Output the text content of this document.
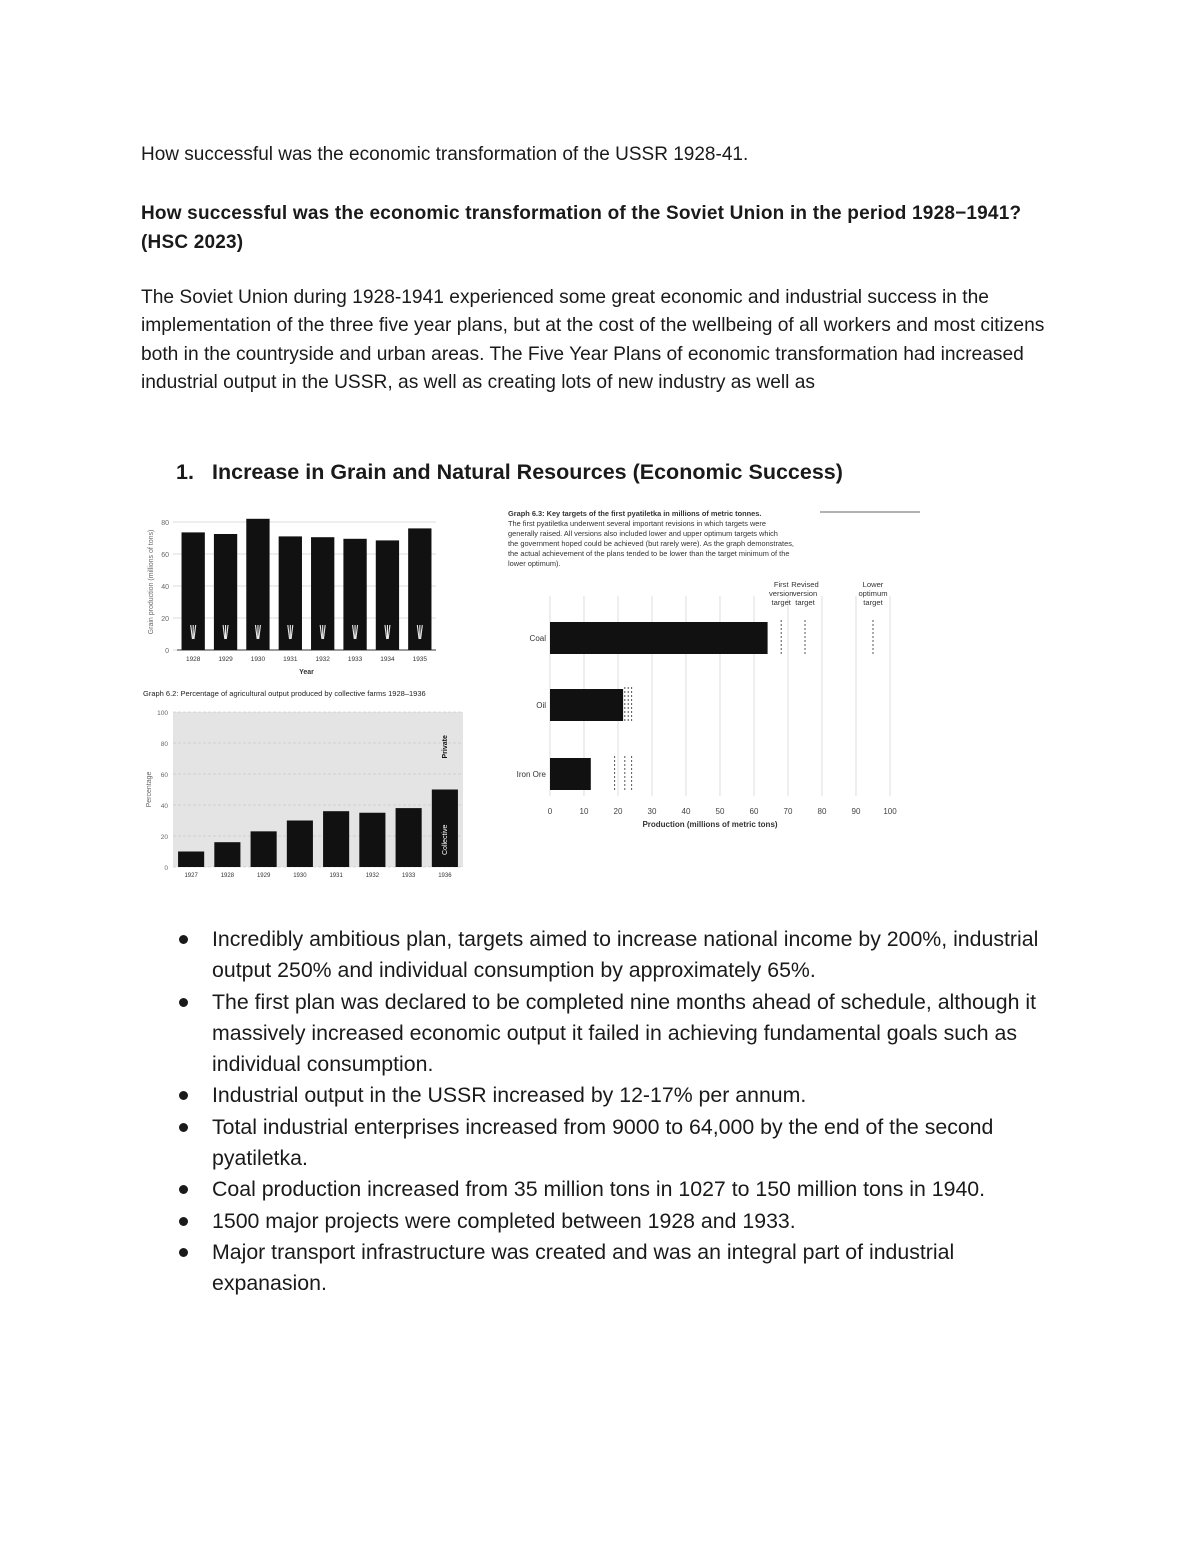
How successful was the economic transformation of the USSR 1928-41.
How successful was the economic transformation of the Soviet Union in the period 1928−1941? (HSC 2023)
The Soviet Union during 1928-1941 experienced some great economic and industrial success in the implementation of the three five year plans, but at the cost of the wellbeing of all workers and most citizens both in the countryside and urban areas. The Five Year Plans of economic transformation had increased industrial output in the USSR, as well as creating lots of new industry as well as
1. Increase in Grain and Natural Resources (Economic Success)
0
20
40
60
80
Grain production (millions of tons)
1928	1929	1930	1931	1932	1933	1934	1935
Year
Graph 6.2: Percentage of agricultural output produced by collective farms 1928–1936
0
20
40
60
80
100
Percentage
1927	1928	1929	1930	1931	1932	1933	1936
Collective
Private
Graph 6.3: Key targets of the first pyatiletka in millions of metric tonnes.
The first pyatiletka underwent several important revisions in which targets were
generally raised. All versions also included lower and upper optimum targets which
the government hoped could be achieved (but rarely were). As the graph demonstrates,
the actual achievement of the plans tended to be lower than the target minimum of the
lower optimum).
0	10	20	30	40	50	60	70	80	90	100
Production (millions of metric tons)
First
version
target
Revised
version
target
Lower
optimum
target
Coal
Oil
Iron Ore
Incredibly ambitious plan, targets aimed to increase national income by 200%, industrial output 250% and individual consumption by approximately 65%.
The first plan was declared to be completed nine months ahead of schedule, although it massively increased economic output it failed in achieving fundamental goals such as individual consumption.
Industrial output in the USSR increased by 12-17% per annum.
Total industrial enterprises increased from 9000 to 64,000 by the end of the second pyatiletka.
Coal production increased from 35 million tons in 1027 to 150 million tons in 1940.
1500 major projects were completed between 1928 and 1933.
Major transport infrastructure was created and was an integral part of industrial expanasion.
